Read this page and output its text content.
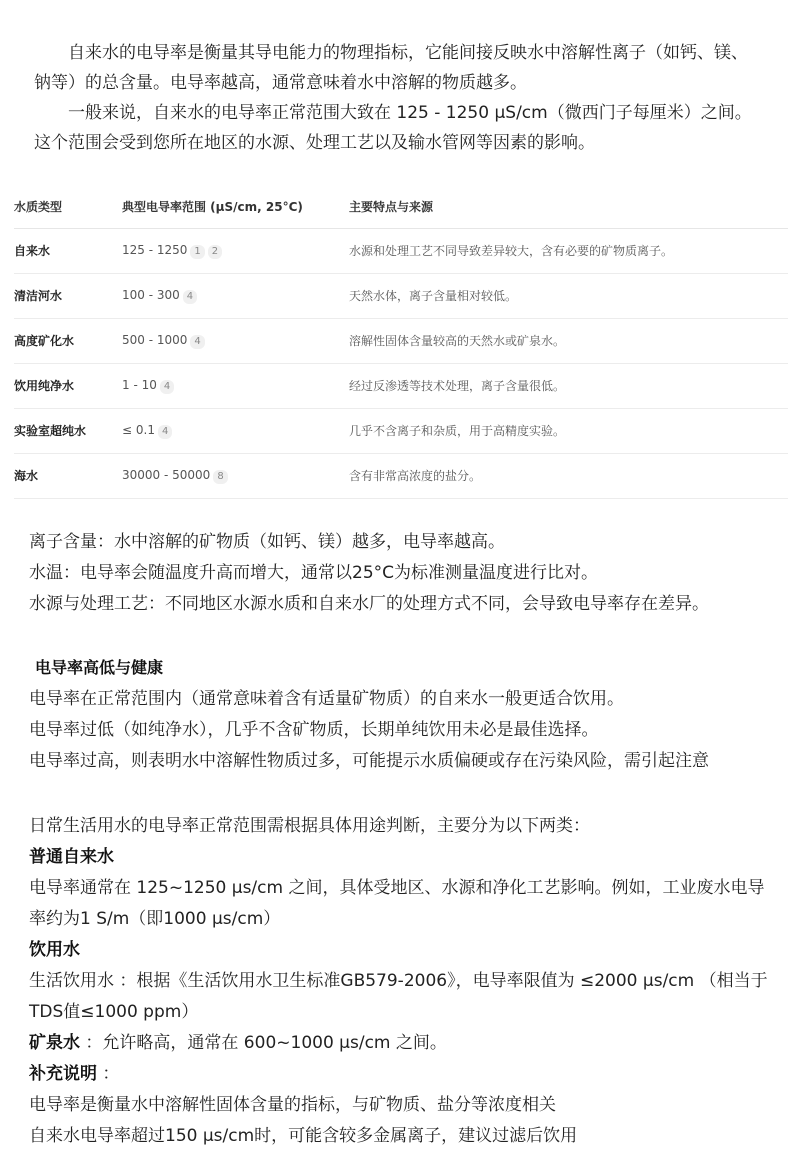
自来水的电导率是衡量其导电能力的物理指标，它能间接反映水中溶解性离子（如钙、镁、钠等）的总含量。电导率越高，通常意味着水中溶解的物质越多。

一般来说，自来水的电导率正常范围大致在 125 - 1250 μS/cm（微西门子每厘米）之间。这个范围会受到您所在地区的水源、处理工艺以及输水管网等因素的影响。

水质类型	典型电导率范围 (μS/cm, 25°C)	主要特点与来源
自来水	125 - 1250 1 2	水源和处理工艺不同导致差异较大，含有必要的矿物质离子。
清洁河水	100 - 300 4	天然水体，离子含量相对较低。
高度矿化水	500 - 1000 4	溶解性固体含量较高的天然水或矿泉水。
饮用纯净水	1 - 10 4	经过反渗透等技术处理，离子含量很低。
实验室超纯水	≤ 0.1 4	几乎不含离子和杂质，用于高精度实验。
海水	30000 - 50000 8	含有非常高浓度的盐分。
离子含量：水中溶解的矿物质（如钙、镁）越多，电导率越高。
水温：电导率会随温度升高而增大，通常以25°C为标准测量温度进行比对。
水源与处理工艺：不同地区水源水质和自来水厂的处理方式不同，会导致电导率存在差异。
电导率高低与健康
电导率在正常范围内（通常意味着含有适量矿物质）的自来水一般更适合饮用。
电导率过低（如纯净水），几乎不含矿物质，长期单纯饮用未必是最佳选择。
电导率过高，则表明水中溶解性物质过多，可能提示水质偏硬或存在污染风险，需引起注意
日常生活用水的电导率正常范围需根据具体用途判断，主要分为以下两类：
普通自来水
电导率通常在 125~1250 μs/cm 之间，具体受地区、水源和净化工艺影响。例如，工业废水电导率约为1 S/m（即1000 μs/cm）
饮用水
生活饮用水 ：根据《生活饮用水卫生标准GB579-2006》，电导率限值为 ≤2000 μs/cm （相当于TDS值≤1000 ppm）
矿泉水 ：允许略高，通常在 600~1000 μs/cm 之间。
补充说明 ：
电导率是衡量水中溶解性固体含量的指标，与矿物质、盐分等浓度相关
自来水电导率超过150 μs/cm时，可能含较多金属离子，建议过滤后饮用
